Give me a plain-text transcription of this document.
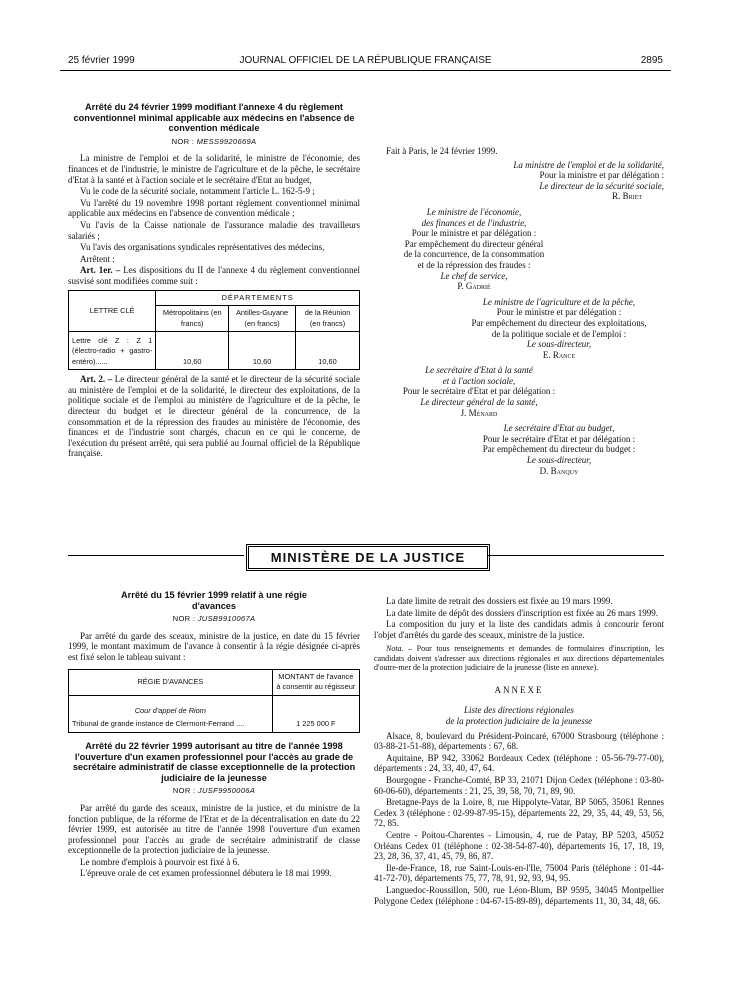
25 février 1999	JOURNAL OFFICIEL DE LA RÉPUBLIQUE FRANÇAISE	2895

Arrêté du 24 février 1999 modifiant l'annexe 4 du règlement conventionnel minimal applicable aux médecins en l'absence de convention médicale

NOR : MESS9920669A

La ministre de l'emploi et de la solidarité, le ministre de l'économie, des finances et de l'industrie, le ministre de l'agriculture et de la pêche, le secrétaire d'Etat à la santé et à l'action sociale et le secrétaire d'Etat au budget,

Vu le code de la sécurité sociale, notamment l'article L. 162-5-9 ;

Vu l'arrêté du 19 novembre 1998 portant règlement conventionnel minimal applicable aux médecins en l'absence de convention médicale ;

Vu l'avis de la Caisse nationale de l'assurance maladie des travailleurs salariés ;

Vu l'avis des organisations syndicales représentatives des médecins,

Arrêtent :

Art. 1er. – Les dispositions du II de l'annexe 4 du règlement conventionnel susvisé sont modifiées comme suit :

LETTRE CLÉ	DÉPARTEMENTS		
	Métropolitains (en francs)	Antilles-Guyane (en francs)	de la Réunion (en francs)
Lettre clé Z : Z 1 (électro-radio + gastro-entéro)......	10,60	10,60	10,60

Art. 2. – Le directeur général de la santé et le directeur de la sécurité sociale au ministère de l'emploi et de la solidarité, le directeur des exploitations, de la politique sociale et de l'emploi au ministère de l'agriculture et de la pêche, le directeur du budget et le directeur général de la concurrence, de la consommation et de la répression des fraudes au ministère de l'économie, des finances et de l'industrie sont chargés, chacun en ce qui le concerne, de l'exécution du présent arrêté, qui sera publié au Journal officiel de la République française.

Fait à Paris, le 24 février 1999.

La ministre de l'emploi et de la solidarité,

Pour la ministre et par délégation :

Le directeur de la sécurité sociale,

R. Briet

Le ministre de l'économie,

des finances et de l'industrie,

Pour le ministre et par délégation :

Par empêchement du directeur général

de la concurrence, de la consommation

et de la répression des fraudes :

Le chef de service,

P. Gadrié

Le ministre de l'agriculture et de la pêche,

Pour le ministre et par délégation :

Par empêchement du directeur des exploitations,

de la politique sociale et de l'emploi :

Le sous-directeur,

E. Rance

Le secrétaire d'Etat à la santé

et à l'action sociale,

Pour le secrétaire d'Etat et par délégation :

Le directeur général de la santé,

J. Ménard

Le secrétaire d'Etat au budget,

Pour le secrétaire d'Etat et par délégation :

Par empêchement du directeur du budget :

Le sous-directeur,

D. Banquy

MINISTÈRE DE LA JUSTICE

Arrêté du 15 février 1999 relatif à une régie d'avances

NOR : JUSB9910067A

Par arrêté du garde des sceaux, ministre de la justice, en date du 15 février 1999, le montant maximum de l'avance à consentir à la régie désignée ci-après est fixé selon le tableau suivant :

RÉGIE D'AVANCES	MONTANT de l'avance à consentir au régisseur

Cour d'appel de Riom
Tribunal de grande instance de Clermont-Ferrand ....	1 225 000 F

Arrêté du 22 février 1999 autorisant au titre de l'année 1998 l'ouverture d'un examen professionnel pour l'accès au grade de secrétaire administratif de classe exceptionnelle de la protection judiciaire de la jeunesse

NOR : JUSF9950006A

Par arrêté du garde des sceaux, ministre de la justice, et du ministre de la fonction publique, de la réforme de l'Etat et de la décentralisation en date du 22 février 1999, est autorisée au titre de l'année 1998 l'ouverture d'un examen professionnel pour l'accès au grade de secrétaire administratif de classe exceptionnelle de la protection judiciaire de la jeunesse.

Le nombre d'emplois à pourvoir est fixé à 6.

L'épreuve orale de cet examen professionnel débutera le 18 mai 1999.

La date limite de retrait des dossiers est fixée au 19 mars 1999.

La date limite de dépôt des dossiers d'inscription est fixée au 26 mars 1999.

La composition du jury et la liste des candidats admis à concourir feront l'objet d'arrêtés du garde des sceaux, ministre de la justice.

Nota. – Pour tous renseignements et demandes de formulaires d'inscription, les candidats doivent s'adresser aux directions régionales et aux directions départementales d'outre-mer de la protection judiciaire de la jeunesse (liste en annexe).

ANNEXE

Liste des directions régionales

de la protection judiciaire de la jeunesse

Alsace, 8, boulevard du Président-Poincaré, 67000 Strasbourg (téléphone : 03-88-21-51-88), départements : 67, 68.

Aquitaine, BP 942, 33062 Bordeaux Cedex (téléphone : 05-56-79-77-00), départements : 24, 33, 40, 47, 64.

Bourgogne - Franche-Comté, BP 33, 21071 Dijon Cedex (téléphone : 03-80-60-06-60), départements : 21, 25, 39, 58, 70, 71, 89, 90.

Bretagne-Pays de la Loire, 8, rue Hippolyte-Vatar, BP 5065, 35061 Rennes Cedex 3 (téléphone : 02-99-87-95-15), départements 22, 29, 35, 44, 49, 53, 56, 72, 85.

Centre - Poitou-Charentes - Limousin, 4, rue de Patay, BP 5203, 45052 Orléans Cedex 01 (téléphone : 02-38-54-87-40), départements 16, 17, 18, 19, 23, 28, 36, 37, 41, 45, 79, 86, 87.

Ile-de-France, 18, rue Saint-Louis-en-l'Ile, 75004 Paris (téléphone : 01-44-41-72-70), départements 75, 77, 78, 91, 92, 93, 94, 95.

Languedoc-Roussillon, 500, rue Léon-Blum, BP 9595, 34045 Montpellier Polygone Cedex (téléphone : 04-67-15-89-89), départements 11, 30, 34, 48, 66.
